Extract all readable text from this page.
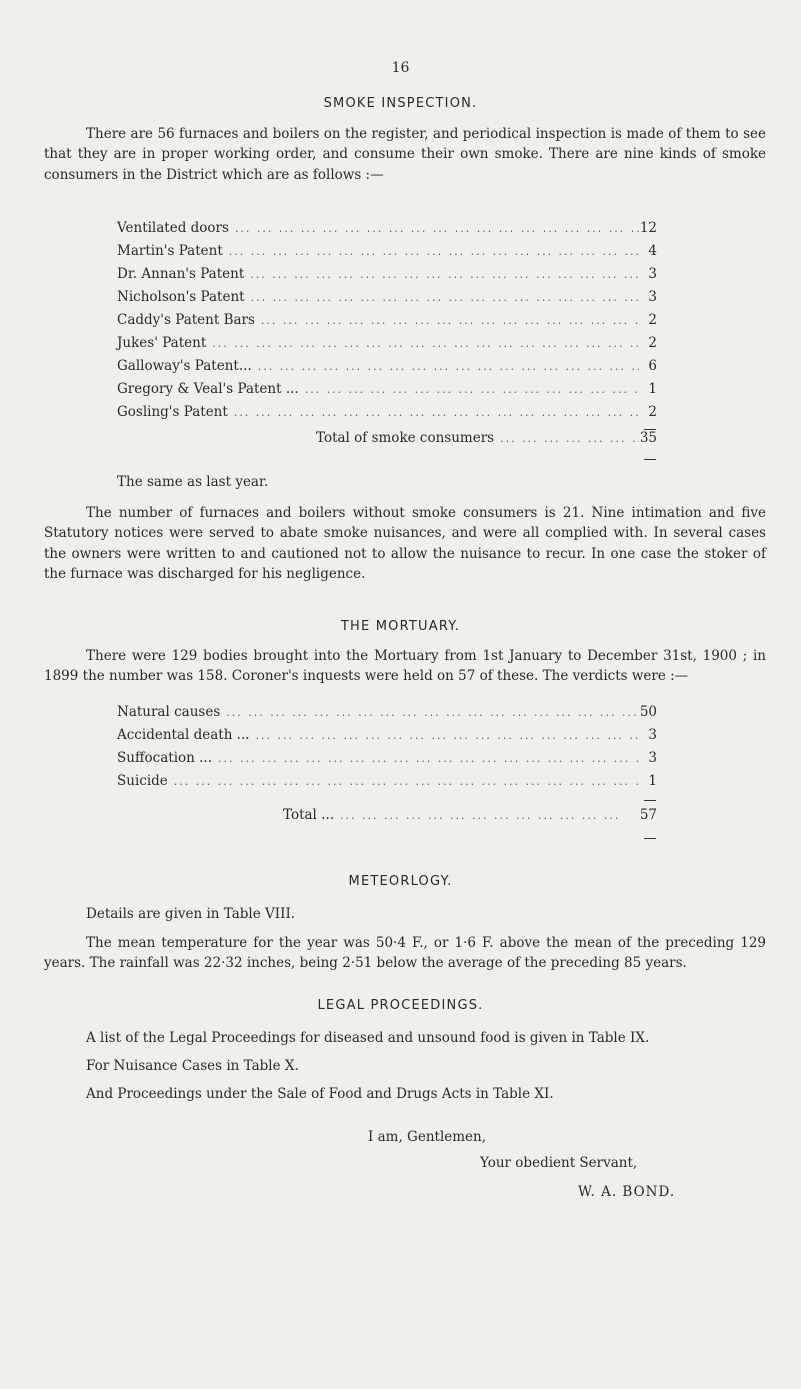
16
SMOKE INSPECTION.

There are 56 furnaces and boilers on the register, and periodical inspection is made of them to see that they are in proper working order, and consume their own smoke. There are nine kinds of smoke consumers in the District which are as follows :—

Ventilated doors ... .	12
Martin's Patent ... .	4
Dr. Annan's Patent ... .	3
Nicholson's Patent ... .	3
Caddy's Patent Bars ... .	2
Jukes' Patent ... .	2
Galloway's Patent... ... .	6
Gregory & Veal's Patent ... ... .	1
Gosling's Patent ... .	2
Total of smoke consumers ... .	35

The same as last year.

The number of furnaces and boilers without smoke consumers is 21. Nine intimation and five Statutory notices were served to abate smoke nuisances, and were all complied with. In several cases the owners were written to and cautioned not to allow the nuisance to recur. In one case the stoker of the furnace was discharged for his negligence.

THE MORTUARY.

There were 129 bodies brought into the Mortuary from 1st January to December 31st, 1900 ; in 1899 the number was 158. Coroner's inquests were held on 57 of these. The verdicts were :—

Natural causes ... .	50
Accidental death ... ... .	3
Suffocation ... ... .	3
Suicide ... .	1
Total ... ... .	57
METEORLOGY.

Details are given in Table VIII.

The mean temperature for the year was 50·4 F., or 1·6 F. above the mean of the preceding 129 years. The rainfall was 22·32 inches, being 2·51 below the average of the preceding 85 years.

LEGAL PROCEEDINGS.

A list of the Legal Proceedings for diseased and unsound food is given in Table IX.

For Nuisance Cases in Table X.

And Proceedings under the Sale of Food and Drugs Acts in Table XI.

I am, Gentlemen,

Your obedient Servant,

W. A. BOND.
